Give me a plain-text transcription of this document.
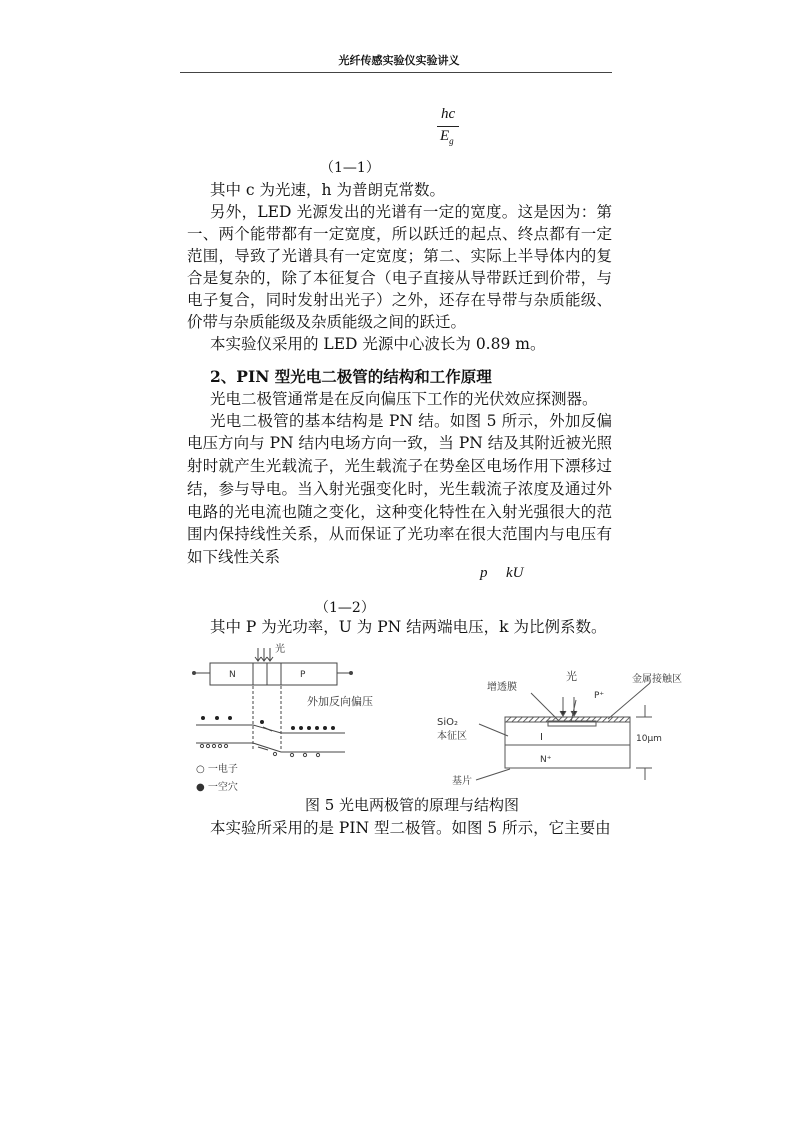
光纤传感实验仪实验讲义
hc
$E_g$
（1—1）
其中 c 为光速，h 为普朗克常数。
另外，LED 光源发出的光谱有一定的宽度。这是因为：第
一、两个能带都有一定宽度，所以跃迁的起点、终点都有一定
范围，导致了光谱具有一定宽度；第二、实际上半导体内的复
合是复杂的，除了本征复合（电子直接从导带跃迁到价带，与
电子复合，同时发射出光子）之外，还存在导带与杂质能级、
价带与杂质能级及杂质能级之间的跃迁。
本实验仪采用的 LED 光源中心波长为 0.89 m。
2、PIN 型光电二极管的结构和工作原理
光电二极管通常是在反向偏压下工作的光伏效应探测器。
光电二极管的基本结构是 PN 结。如图 5 所示，外加反偏
电压方向与 PN 结内电场方向一致，当 PN 结及其附近被光照
射时就产生光载流子，光生载流子在势垒区电场作用下漂移过
结，参与导电。当入射光强变化时，光生载流子浓度及通过外
电路的光电流也随之变化，这种变化特性在入射光强很大的范
围内保持线性关系，从而保证了光功率在很大范围内与电压有
如下线性关系
p kU
（1—2）
其中 P 为光功率，U 为 PN 结两端电压，k 为比例系数。
N	P
光
外加反向偏压
○ 一电子
● 一空穴
光
增透膜
P⁺
金属接触区
SiO₂
本征区	I
N⁺
10μm
基片
图 5 光电两极管的原理与结构图
本实验所采用的是 PIN 型二极管。如图 5 所示，它主要由
